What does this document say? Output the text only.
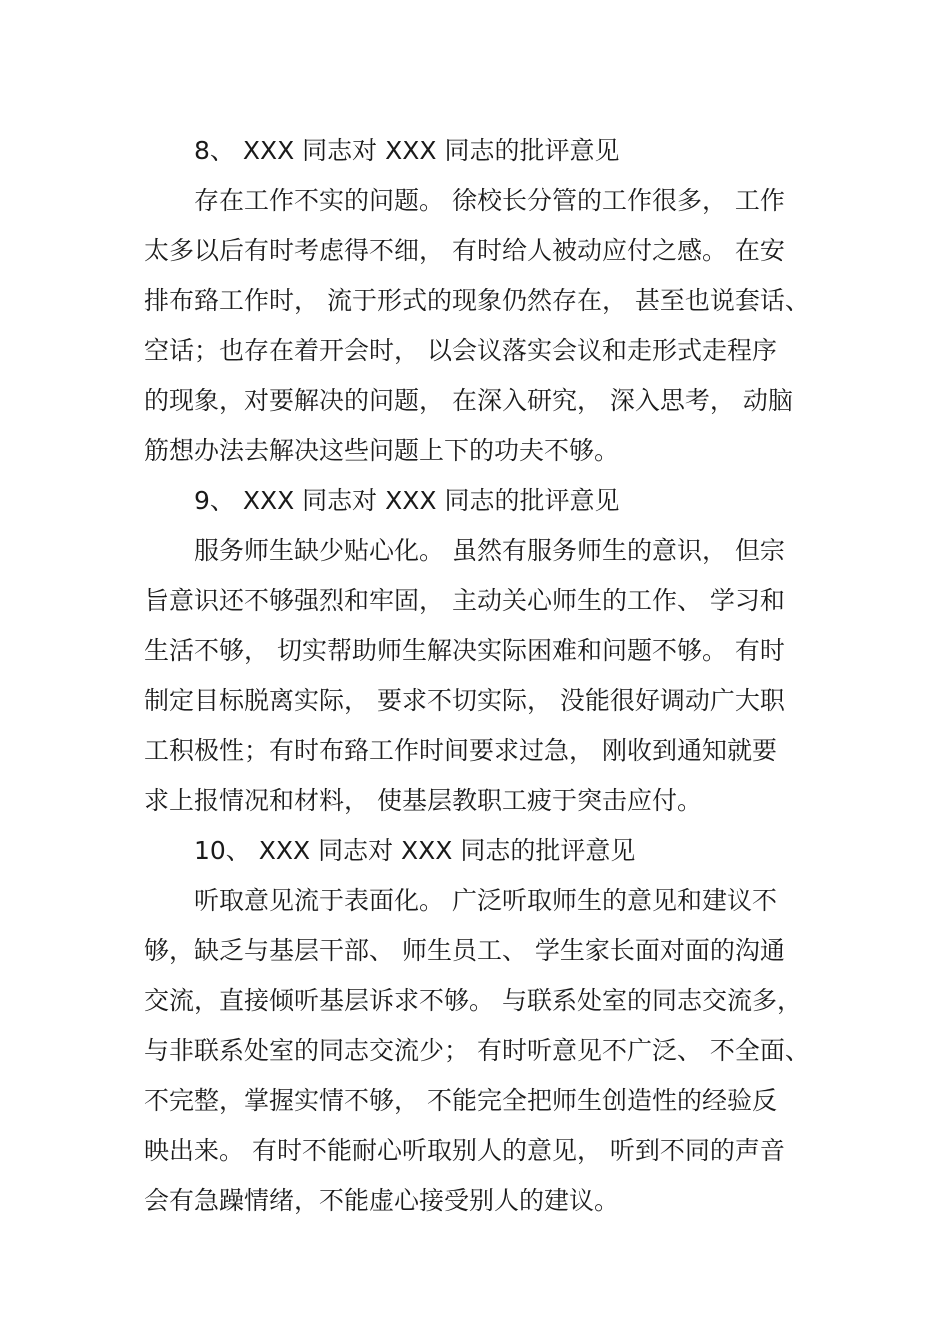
8、 XXX 同志对 XXX 同志的批评意见
存在工作不实的问题。 徐校长分管的工作很多， 工作
太多以后有时考虑得不细， 有时给人被动应付之感。 在安
排布臵工作时， 流于形式的现象仍然存在， 甚至也说套话、
空话；也存在着开会时， 以会议落实会议和走形式走程序
的现象，对要解决的问题， 在深入研究， 深入思考， 动脑
筋想办法去解决这些问题上下的功夫不够。
9、 XXX 同志对 XXX 同志的批评意见
服务师生缺少贴心化。 虽然有服务师生的意识， 但宗
旨意识还不够强烈和牢固， 主动关心师生的工作、 学习和
生活不够， 切实帮助师生解决实际困难和问题不够。 有时
制定目标脱离实际， 要求不切实际， 没能很好调动广大职
工积极性；有时布臵工作时间要求过急， 刚收到通知就要
求上报情况和材料， 使基层教职工疲于突击应付。
10、 XXX 同志对 XXX 同志的批评意见
听取意见流于表面化。 广泛听取师生的意见和建议不
够，缺乏与基层干部、 师生员工、 学生家长面对面的沟通
交流，直接倾听基层诉求不够。 与联系处室的同志交流多，
与非联系处室的同志交流少； 有时听意见不广泛、 不全面、
不完整，掌握实情不够， 不能完全把师生创造性的经验反
映出来。 有时不能耐心听取别人的意见， 听到不同的声音
会有急躁情绪，不能虚心接受别人的建议。
